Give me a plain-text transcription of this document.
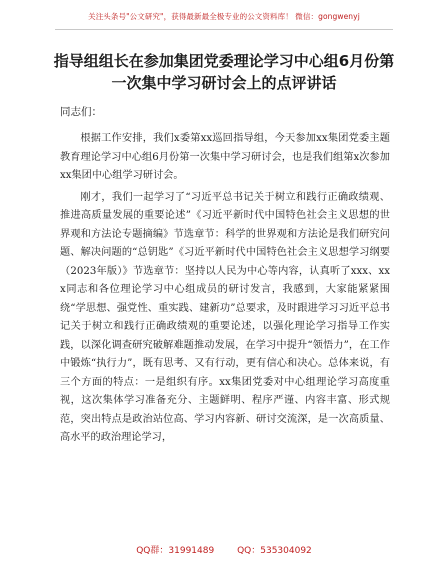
关注头条号"公文研究"，获得最新最全极专业的公文资料库！ 微信：gongwenyj
指导组组长在参加集团党委理论学习中心组6月份第一次集中学习研讨会上的点评讲话
同志们：

根据工作安排，我们x委第xx巡回指导组，今天参加xx集团党委主题教育理论学习中心组6月份第一次集中学习研讨会，也是我们组第x次参加xx集团中心组学习研讨会。

刚才，我们一起学习了“习近平总书记关于树立和践行正确政绩观、推进高质量发展的重要论述”《习近平新时代中国特色社会主义思想的世界观和方法论专题摘编》节选章节：科学的世界观和方法论是我们研究问题、解决问题的“总钥匙”《习近平新时代中国特色社会主义思想学习纲要（2023年版）》节选章节：坚持以人民为中心等内容，认真听了xxx、xxx同志和各位理论学习中心组成员的研讨发言，我感到，大家能紧紧围绕“学思想、强党性、重实践、建新功”总要求，及时跟进学习习近平总书记关于树立和践行正确政绩观的重要论述，以强化理论学习指导工作实践，以深化调查研究破解难题推动发展，在学习中提升“领悟力”，在工作中锻炼“执行力”，既有思考、又有行动，更有信心和决心。总体来说，有三个方面的特点：一是组织有序。xx集团党委对中心组理论学习高度重视，这次集体学习准备充分、主题鲜明、程序严谨、内容丰富、形式规范，突出特点是政治站位高、学习内容新、研讨交流深，是一次高质量、高水平的政治理论学习，

QQ群：31991489	QQ：535304092
